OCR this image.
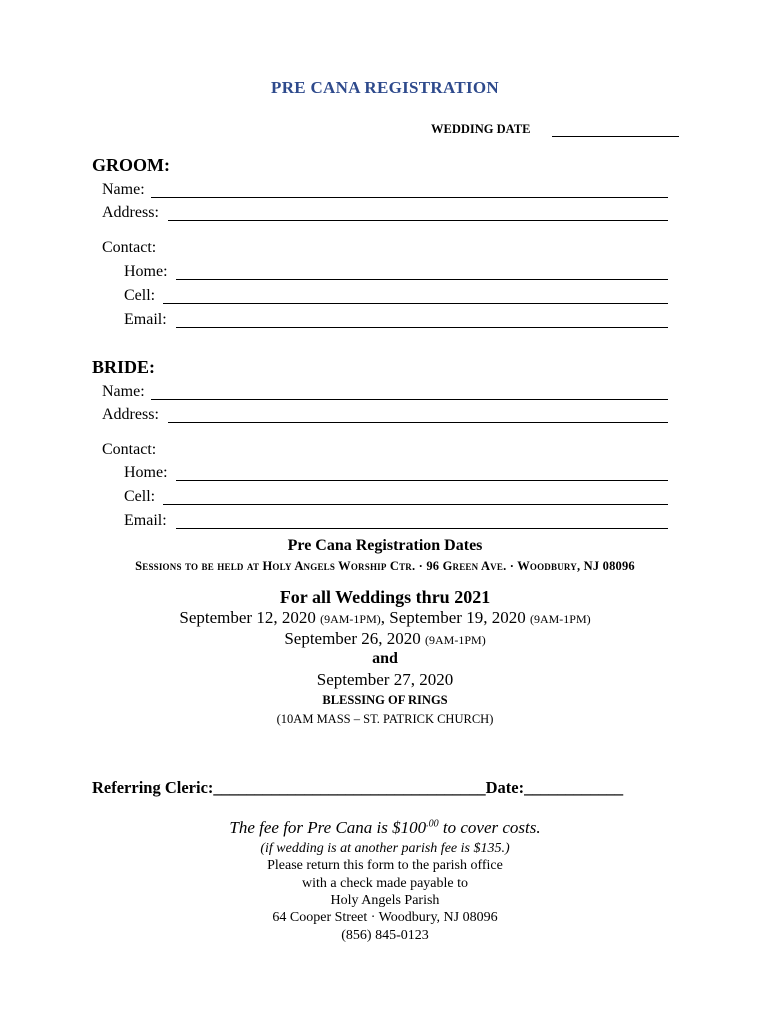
PRE CANA REGISTRATION
WEDDING DATE
GROOM:
Name:
Address:
Contact:
Home:
Cell:
Email:
BRIDE:
Name:
Address:
Contact:
Home:
Cell:
Email:
Pre Cana Registration Dates
Sessions to be held at Holy Angels Worship Ctr. · 96 Green Ave. · Woodbury, NJ 08096
For all Weddings thru 2021
September 12, 2020 (9AM-1PM), September 19, 2020 (9AM-1PM)
September 26, 2020 (9AM-1PM)
and
September 27, 2020
BLESSING OF RINGS
(10AM MASS – ST. PATRICK CHURCH)
Referring Cleric:_________________________________Date:____________
The fee for Pre Cana is $\$100^{.00}$ to cover costs.
(if wedding is at another parish fee is $135.)
Please return this form to the parish office
with a check made payable to
Holy Angels Parish
64 Cooper Street · Woodbury, NJ 08096
(856) 845-0123
